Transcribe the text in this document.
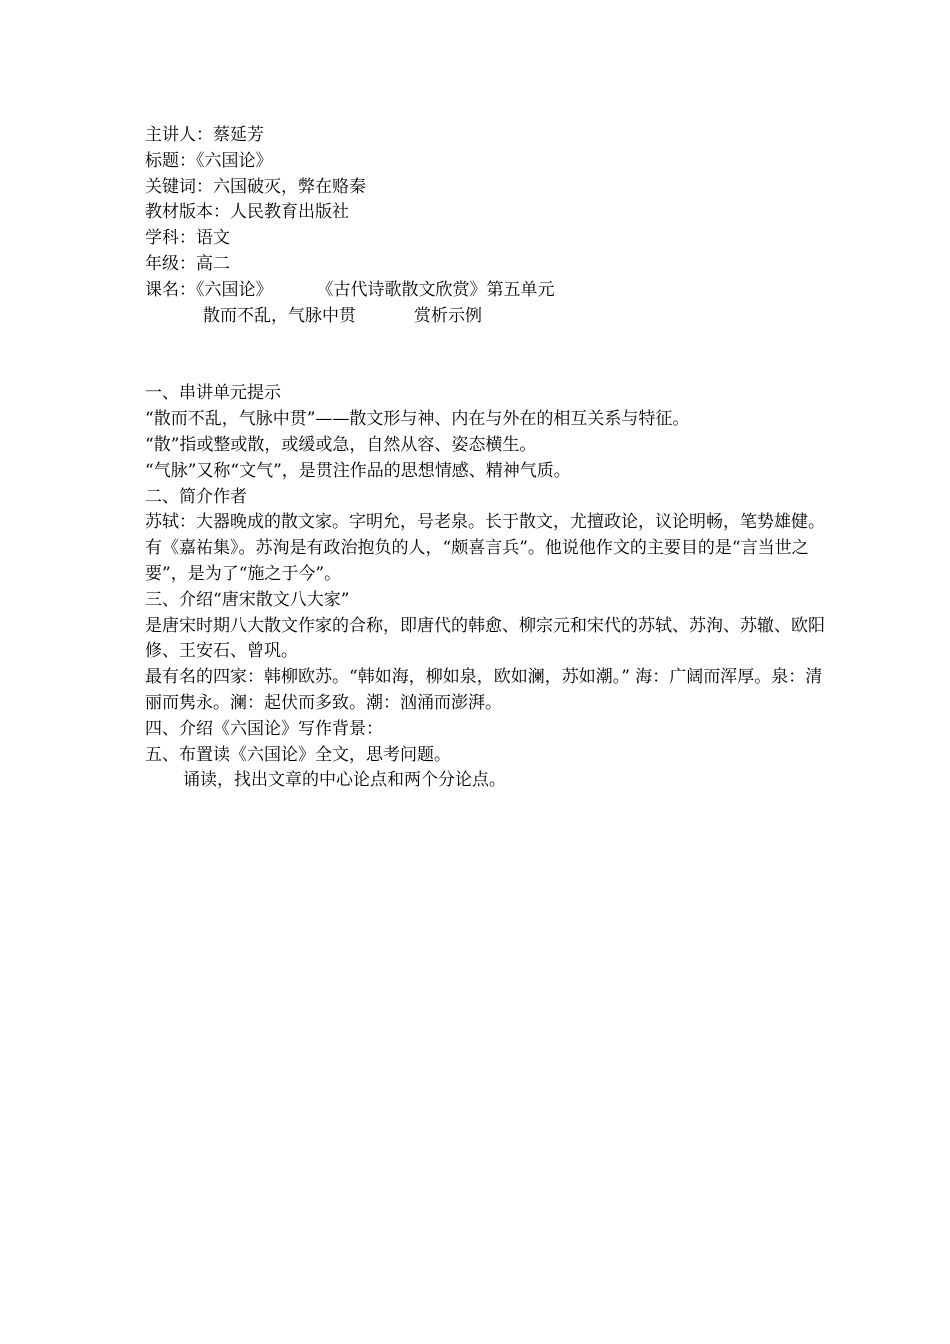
主讲人：蔡延芳
标题：《六国论》
关键词：六国破灭，弊在赂秦
教材版本：人民教育出版社
学科：语文
年级：高二
课名：《六国论》	《古代诗歌散文欣赏》第五单元
散而不乱，气脉中贯	赏析示例
一、串讲单元提示
“散而不乱，气脉中贯”——散文形与神、内在与外在的相互关系与特征。
“散”指或整或散，或缓或急，自然从容、姿态横生。
“气脉”又称“文气”，是贯注作品的思想情感、精神气质。
二、简介作者
苏轼：大器晚成的散文家。字明允，号老泉。长于散文，尤擅政论，议论明畅，笔势雄健。
有《嘉祐集》。苏洵是有政治抱负的人，“颇喜言兵”。他说他作文的主要目的是“言当世之要”，是为了“施之于今”。
三、介绍“唐宋散文八大家”
是唐宋时期八大散文作家的合称，即唐代的韩愈、柳宗元和宋代的苏轼、苏洵、苏辙、欧阳修、王安石、曾巩。
最有名的四家：韩柳欧苏。“韩如海，柳如泉，欧如澜，苏如潮。” 海：广阔而浑厚。泉：清丽而隽永。澜：起伏而多致。潮：汹涌而澎湃。
四、介绍《六国论》写作背景：
五、布置读《六国论》全文，思考问题。
诵读，找出文章的中心论点和两个分论点。
